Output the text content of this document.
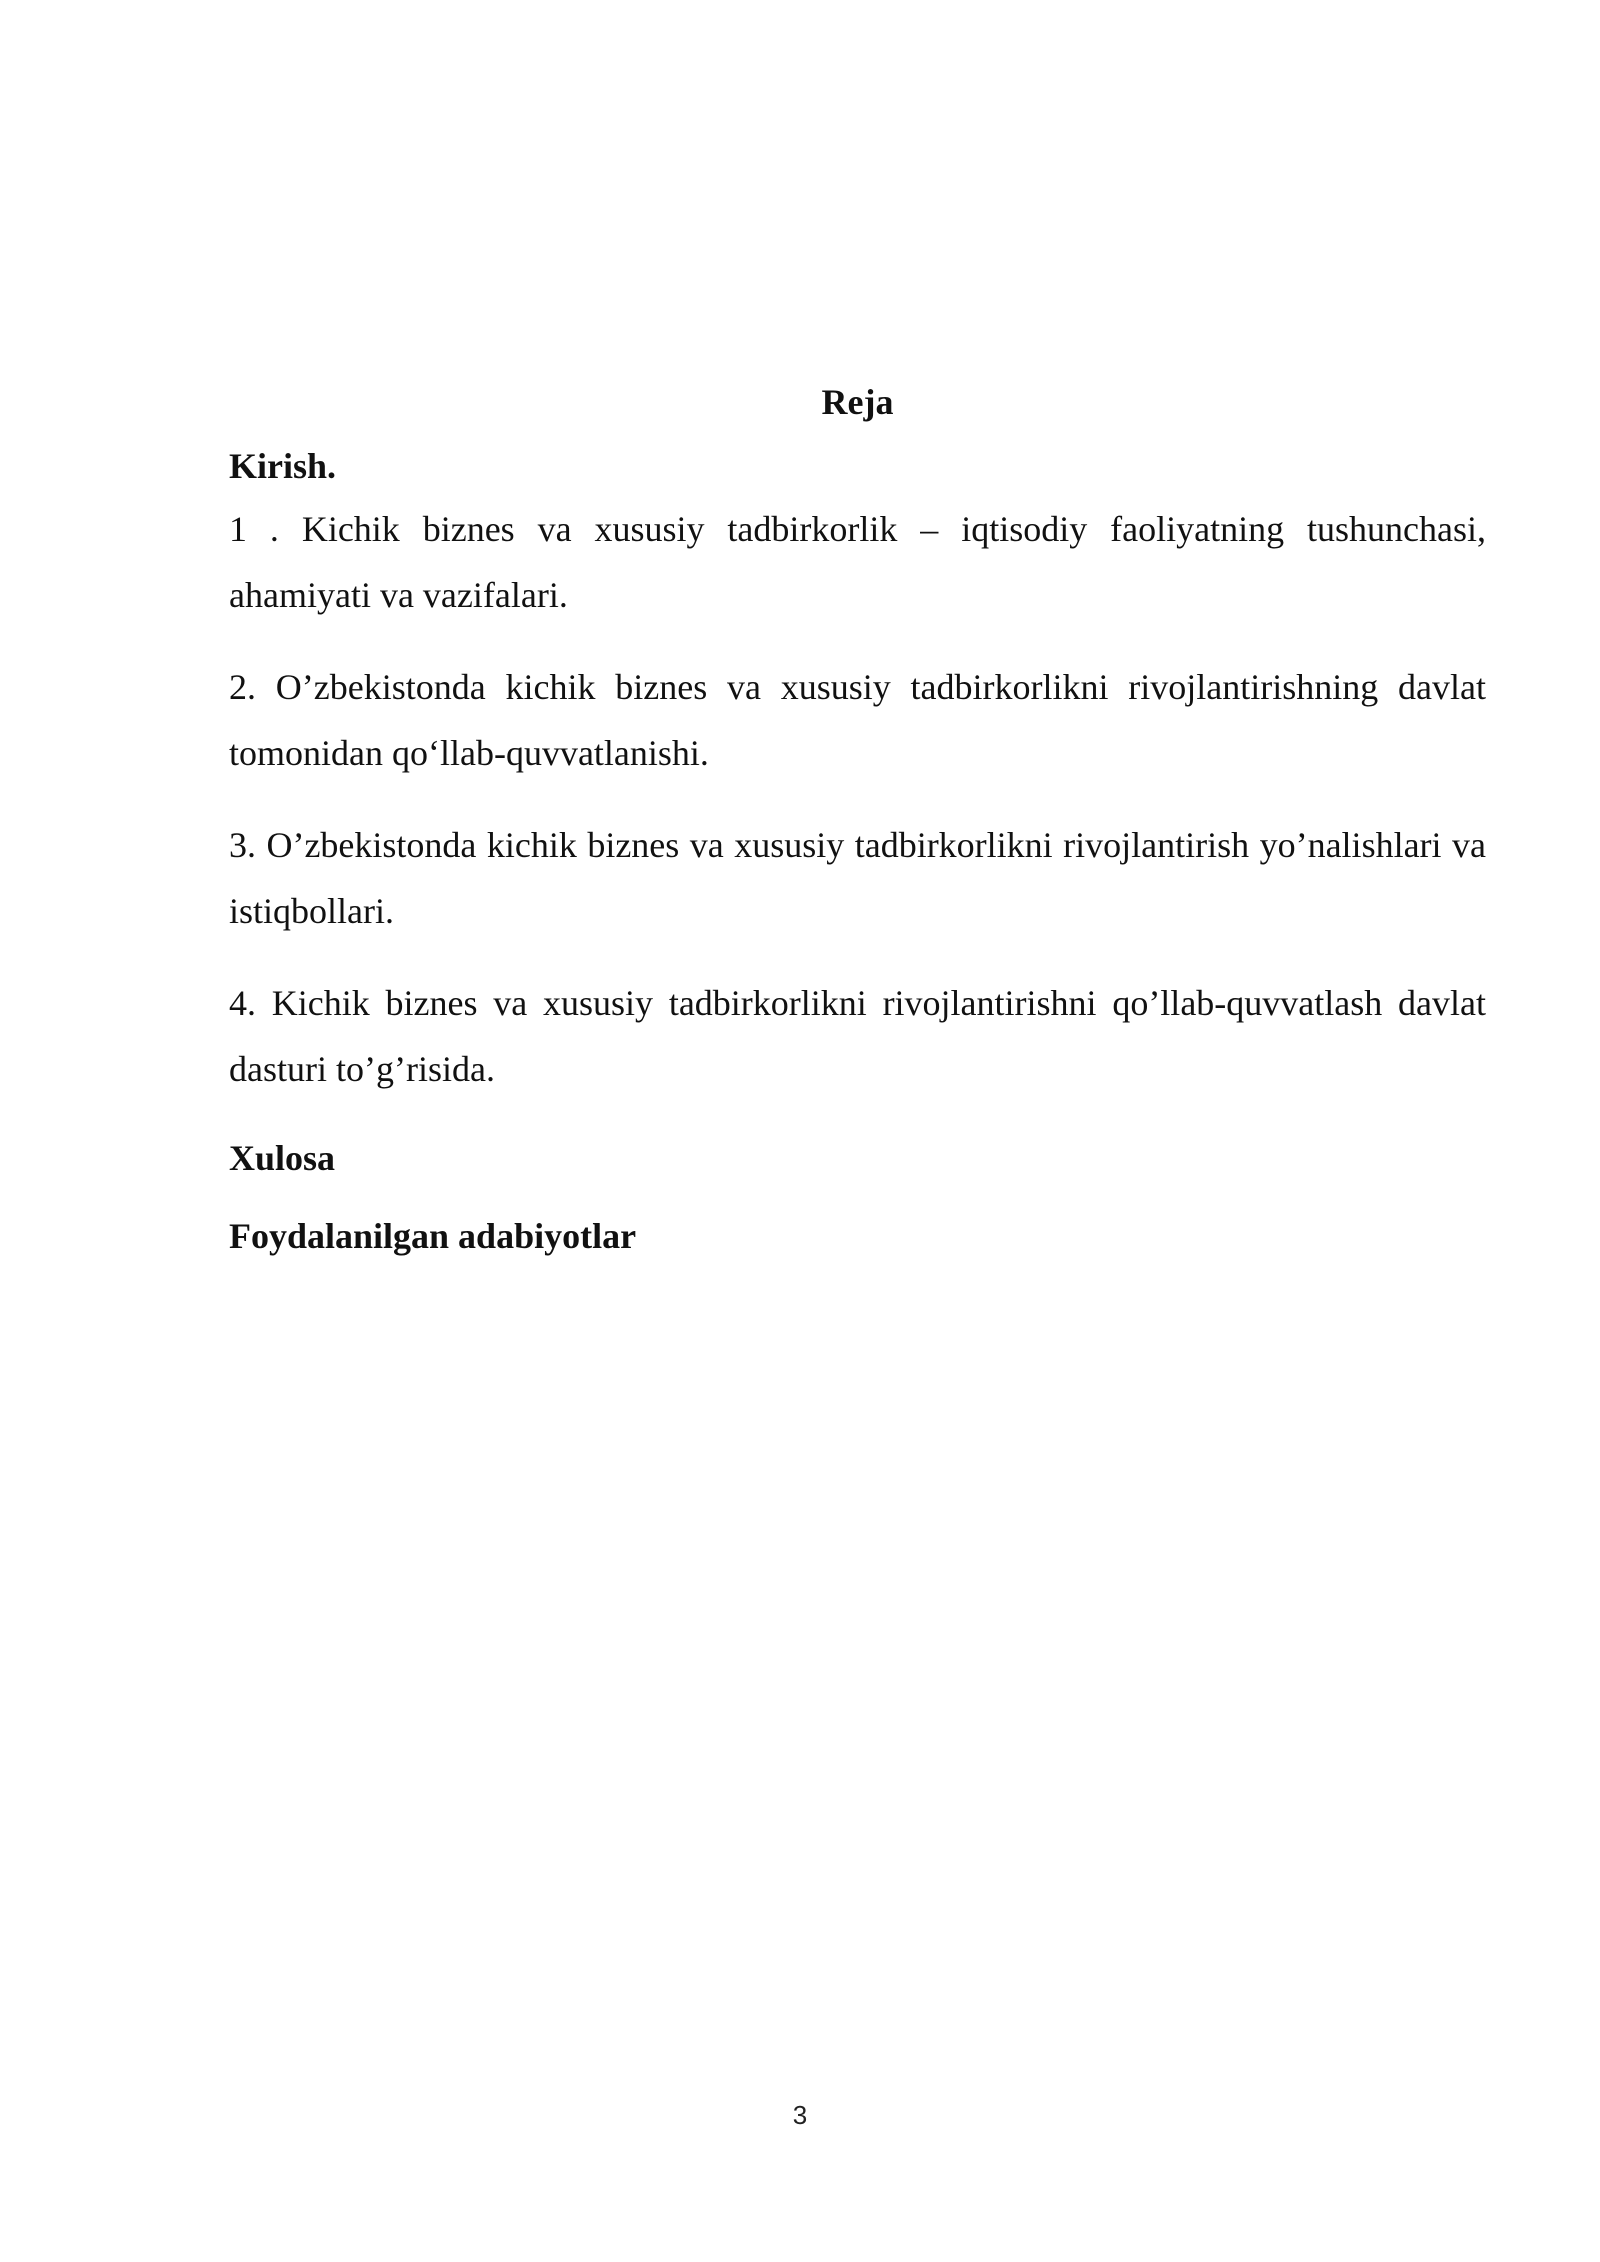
Reja
Kirish.
1 . Kichik biznes va xususiy tadbirkorlik – iqtisodiy faoliyatning tushunchasi, ahamiyati va vazifalari.
2. O’zbekistonda kichik biznes va xususiy tadbirkorlikni rivojlantirishning davlat tomonidan qo‘llab-quvvatlanishi.
3. O’zbekistonda kichik biznes va xususiy tadbirkorlikni rivojlantirish yo’nalishlari va istiqbollari.
4. Kichik biznes va xususiy tadbirkorlikni rivojlantirishni qo’llab-quvvatlash davlat dasturi to’g’risida.
Xulosa
Foydalanilgan adabiyotlar
3
